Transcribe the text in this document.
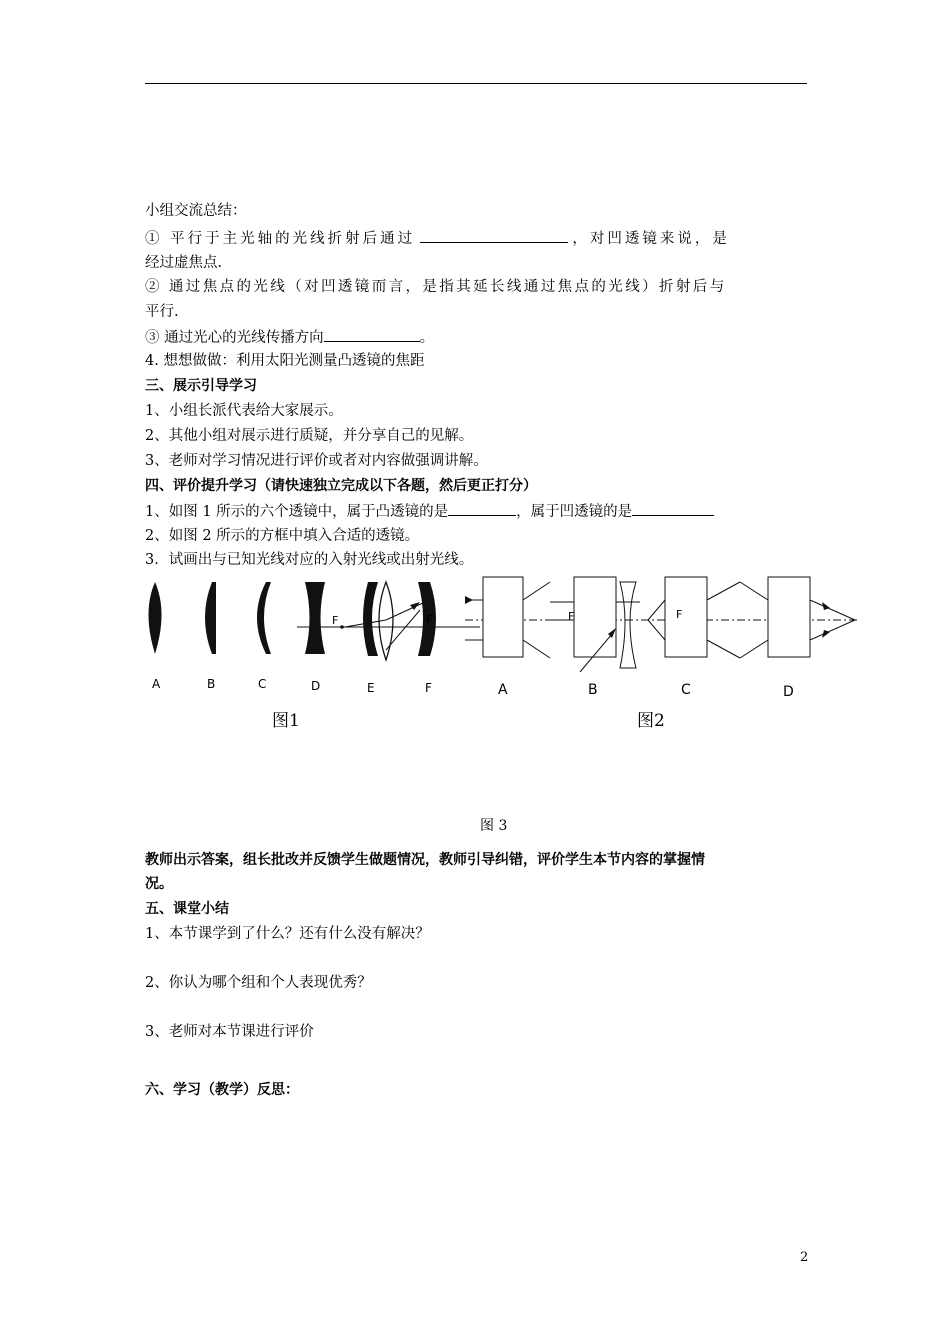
小组交流总结：
① 平行于主光轴的光线折射后通过	，对凹透镜来说，是
经过虚焦点.
② 通过焦点的光线（对凹透镜而言，是指其延长线通过焦点的光线）折射后与
平行.
③ 通过光心的光线传播方向	。
4. 想想做做：利用太阳光测量凸透镜的焦距
三、展示引导学习
1、小组长派代表给大家展示。
2、其他小组对展示进行质疑，并分享自己的见解。
3、老师对学习情况进行评价或者对内容做强调讲解。
四、评价提升学习（请快速独立完成以下各题，然后更正打分）
1、如图 1 所示的六个透镜中，属于凸透镜的是	，属于凹透镜的是
2、如图 2 所示的方框中填入合适的透镜。
3．试画出与已知光线对应的入射光线或出射光线。
F	F
A	B	C	D	E	F
F	F
A	B	C	D
图1	图2
图 3
教师出示答案，组长批改并反馈学生做题情况，教师引导纠错，评价学生本节内容的掌握情
况。
五、课堂小结
1、本节课学到了什么？还有什么没有解决？
2、你认为哪个组和个人表现优秀？
3、老师对本节课进行评价
六、学习（教学）反思：
2
